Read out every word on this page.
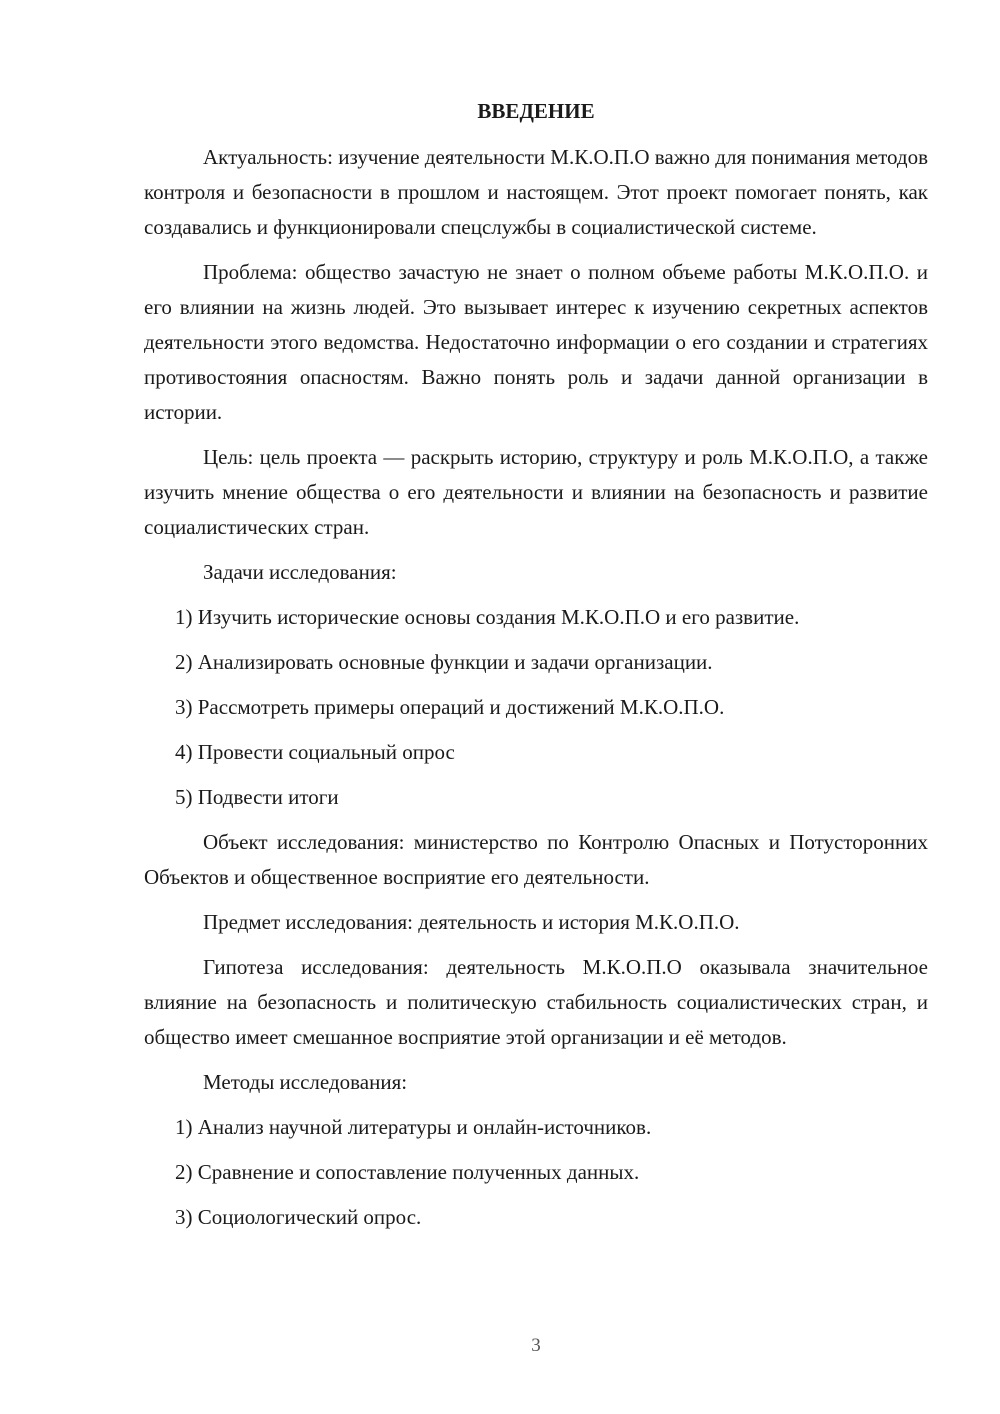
ВВЕДЕНИЕ

Актуальность: изучение деятельности М.К.О.П.О важно для понимания методов контроля и безопасности в прошлом и настоящем. Этот проект помогает понять, как создавались и функционировали спецслужбы в социалистической системе.

Проблема: общество зачастую не знает о полном объеме работы М.К.О.П.О. и его влиянии на жизнь людей. Это вызывает интерес к изучению секретных аспектов деятельности этого ведомства. Недостаточно информации о его создании и стратегиях противостояния опасностям. Важно понять роль и задачи данной организации в истории.

Цель: цель проекта — раскрыть историю, структуру и роль М.К.О.П.О, а также изучить мнение общества о его деятельности и влиянии на безопасность и развитие социалистических стран.

Задачи исследования:

1) Изучить исторические основы создания М.К.О.П.О и его развитие.
2) Анализировать основные функции и задачи организации.
3) Рассмотреть примеры операций и достижений М.К.О.П.О.
4) Провести социальный опрос
5) Подвести итоги

Объект исследования: министерство по Контролю Опасных и Потусторонних Объектов и общественное восприятие его деятельности.

Предмет исследования: деятельность и история М.К.О.П.О.

Гипотеза исследования: деятельность М.К.О.П.О оказывала значительное влияние на безопасность и политическую стабильность социалистических стран, и общество имеет смешанное восприятие этой организации и её методов.

Методы исследования:

1) Анализ научной литературы и онлайн-источников.
2) Сравнение и сопоставление полученных данных.
3) Социологический опрос.
3
